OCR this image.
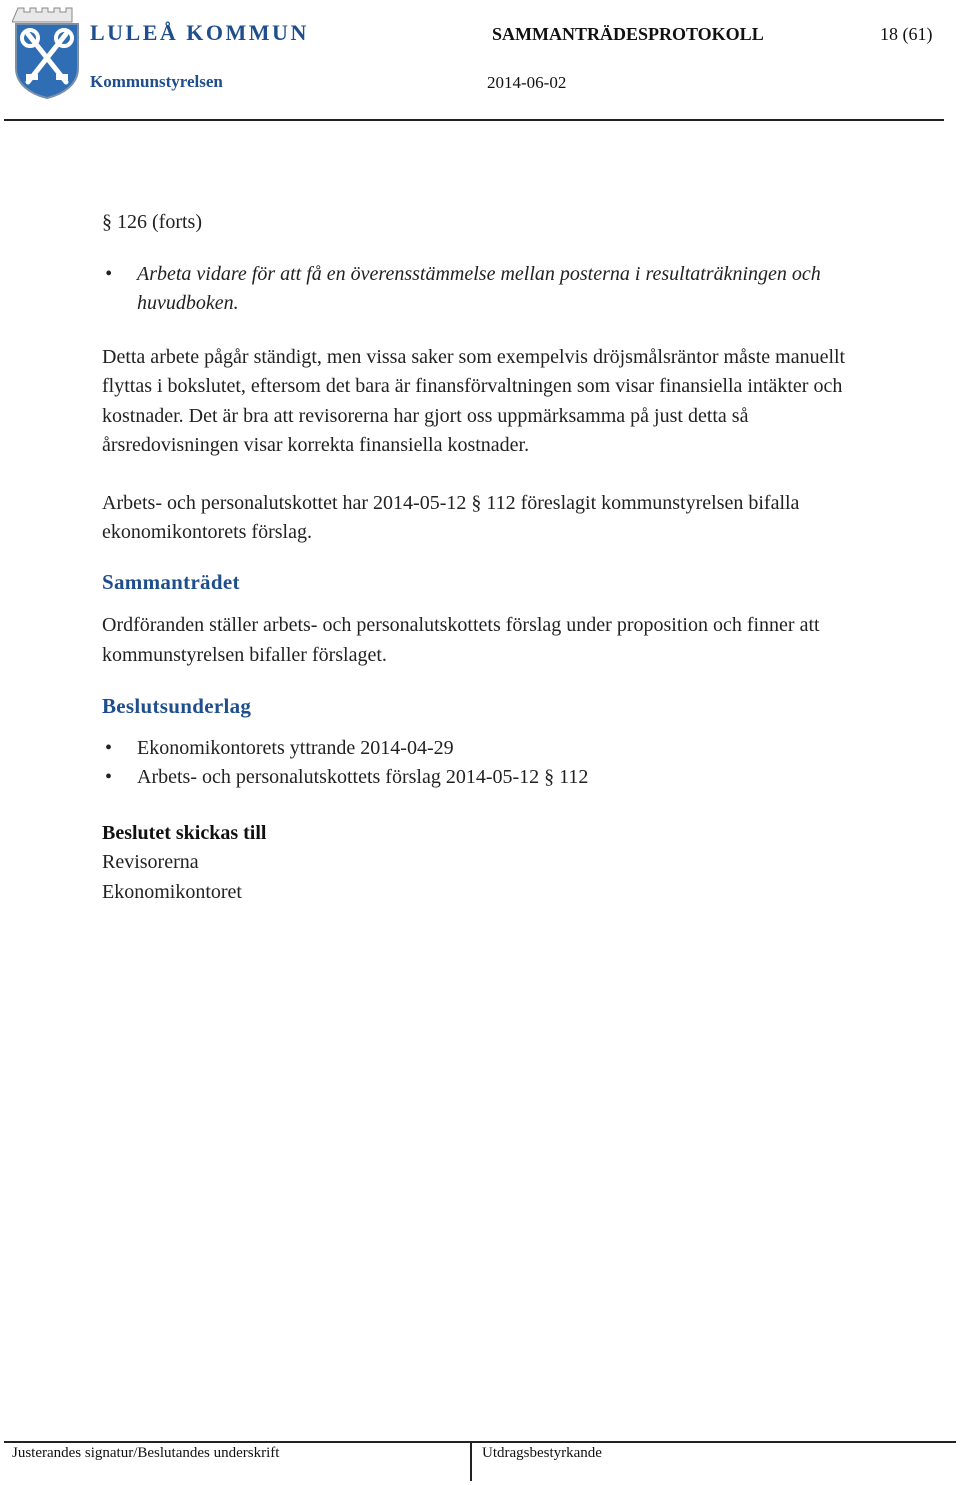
LULEÅ KOMMUN
Kommunstyrelsen
SAMMANTRÄDESPROTOKOLL	18 (61)
2014-06-02

§ 126 (forts)

• Arbeta vidare för att få en överensstämmelse mellan posterna i resultaträkningen och huvudboken.

Detta arbete pågår ständigt, men vissa saker som exempelvis dröjsmålsräntor måste manuellt flyttas i bokslutet, eftersom det bara är finansförvaltningen som visar finansiella intäkter och kostnader. Det är bra att revisorerna har gjort oss uppmärksamma på just detta så årsredovisningen visar korrekta finansiella kostnader.

Arbets- och personalutskottet har 2014-05-12 § 112 föreslagit kommunstyrelsen bifalla ekonomikontorets förslag.

Sammanträdet

Ordföranden ställer arbets- och personalutskottets förslag under proposition och finner att kommunstyrelsen bifaller förslaget.

Beslutsunderlag
• Ekonomikontorets yttrande 2014-04-29
• Arbets- och personalutskottets förslag 2014-05-12 § 112
Beslutet skickas till
Revisorerna
Ekonomikontoret
Justerandes signatur/Beslutandes underskrift	Utdragsbestyrkande
